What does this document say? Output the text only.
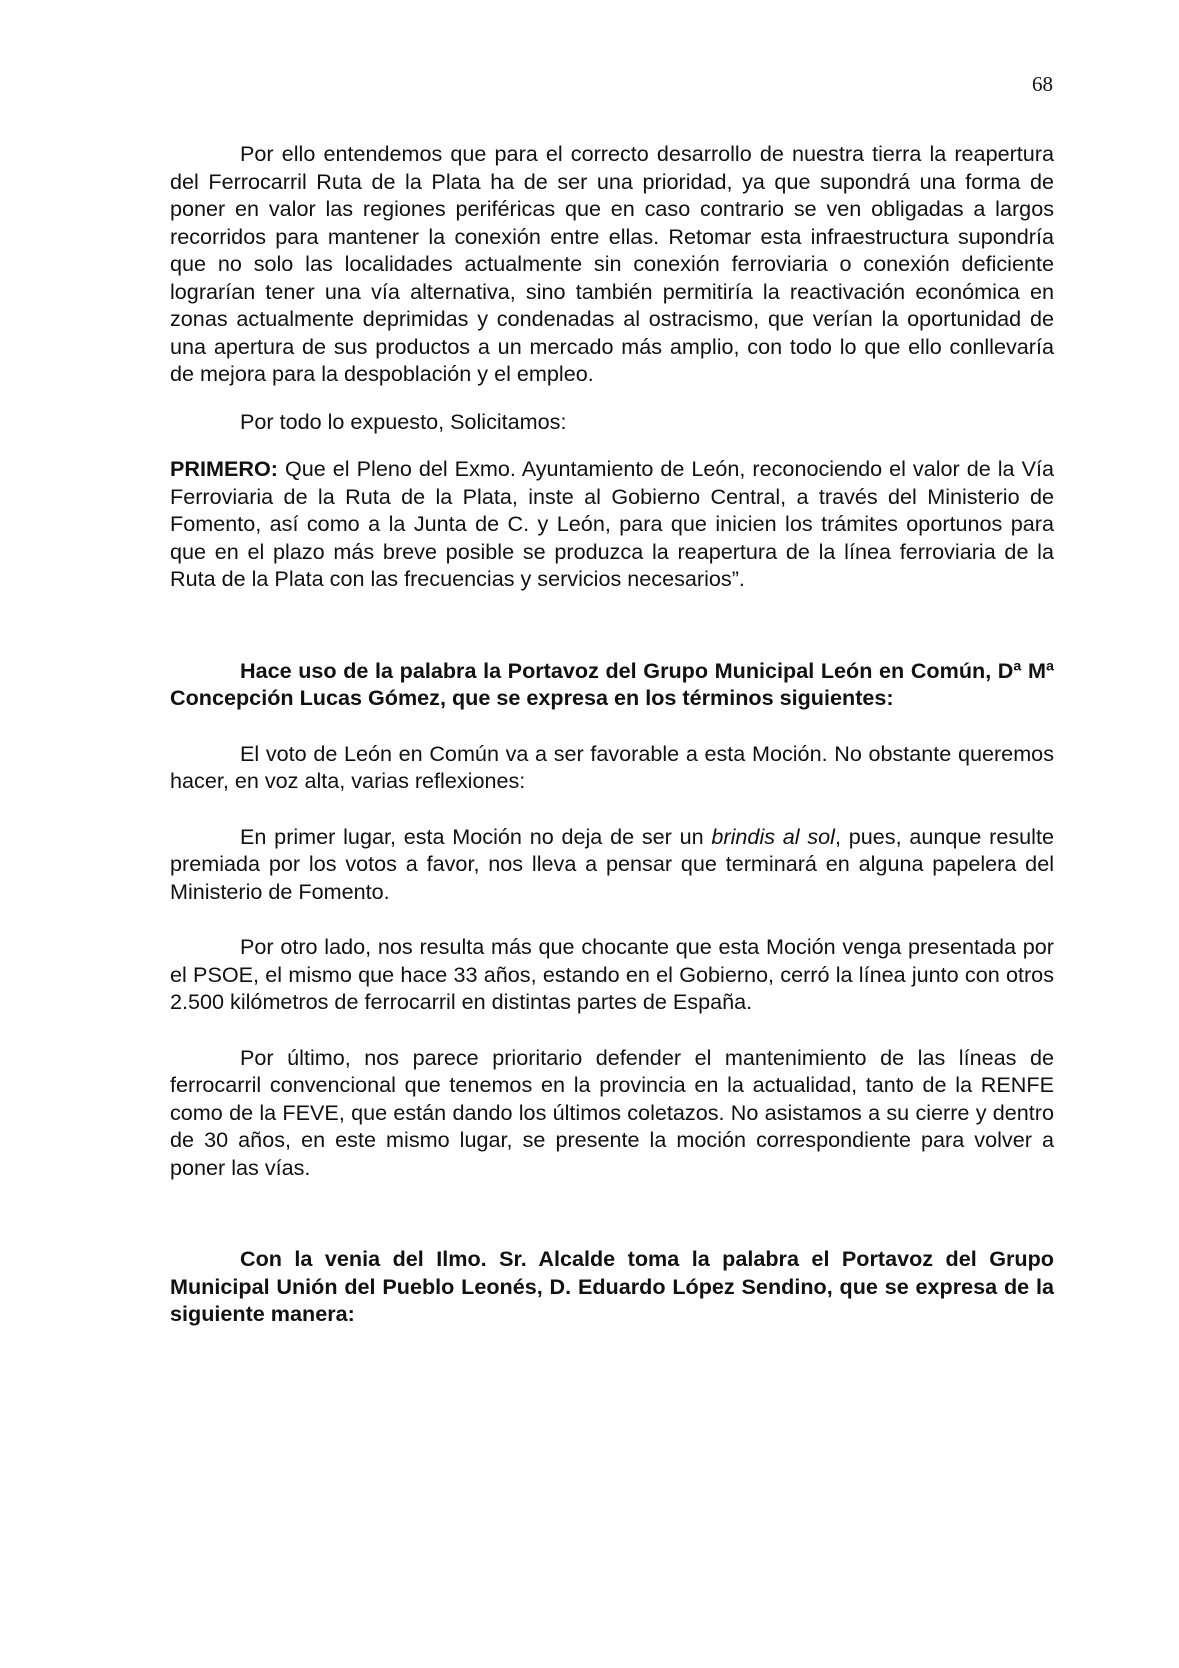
68

Por ello entendemos que para el correcto desarrollo de nuestra tierra la reapertura del Ferrocarril Ruta de la Plata ha de ser una prioridad, ya que supondrá una forma de poner en valor las regiones periféricas que en caso contrario se ven obligadas a largos recorridos para mantener la conexión entre ellas. Retomar esta infraestructura supondría que no solo las localidades actualmente sin conexión ferroviaria o conexión deficiente lograrían tener una vía alternativa, sino también permitiría la reactivación económica en zonas actualmente deprimidas y condenadas al ostracismo, que verían la oportunidad de una apertura de sus productos a un mercado más amplio, con todo lo que ello conllevaría de mejora para la despoblación y el empleo.

Por todo lo expuesto, Solicitamos:

PRIMERO: Que el Pleno del Exmo. Ayuntamiento de León, reconociendo el valor de la Vía Ferroviaria de la Ruta de la Plata, inste al Gobierno Central, a través del Ministerio de Fomento, así como a la Junta de C. y León, para que inicien los trámites oportunos para que en el plazo más breve posible se produzca la reapertura de la línea ferroviaria de la Ruta de la Plata con las frecuencias y servicios necesarios”.

Hace uso de la palabra la Portavoz del Grupo Municipal León en Común, Dª Mª Concepción Lucas Gómez, que se expresa en los términos siguientes:

El voto de León en Común va a ser favorable a esta Moción. No obstante queremos hacer, en voz alta, varias reflexiones:

En primer lugar, esta Moción no deja de ser un brindis al sol, pues, aunque resulte premiada por los votos a favor, nos lleva a pensar que terminará en alguna papelera del Ministerio de Fomento.

Por otro lado, nos resulta más que chocante que esta Moción venga presentada por el PSOE, el mismo que hace 33 años, estando en el Gobierno, cerró la línea junto con otros 2.500 kilómetros de ferrocarril en distintas partes de España.

Por último, nos parece prioritario defender el mantenimiento de las líneas de ferrocarril convencional que tenemos en la provincia en la actualidad, tanto de la RENFE como de la FEVE, que están dando los últimos coletazos. No asistamos a su cierre y dentro de 30 años, en este mismo lugar, se presente la moción correspondiente para volver a poner las vías.

Con la venia del Ilmo. Sr. Alcalde toma la palabra el Portavoz del Grupo Municipal Unión del Pueblo Leonés, D. Eduardo López Sendino, que se expresa de la siguiente manera:
